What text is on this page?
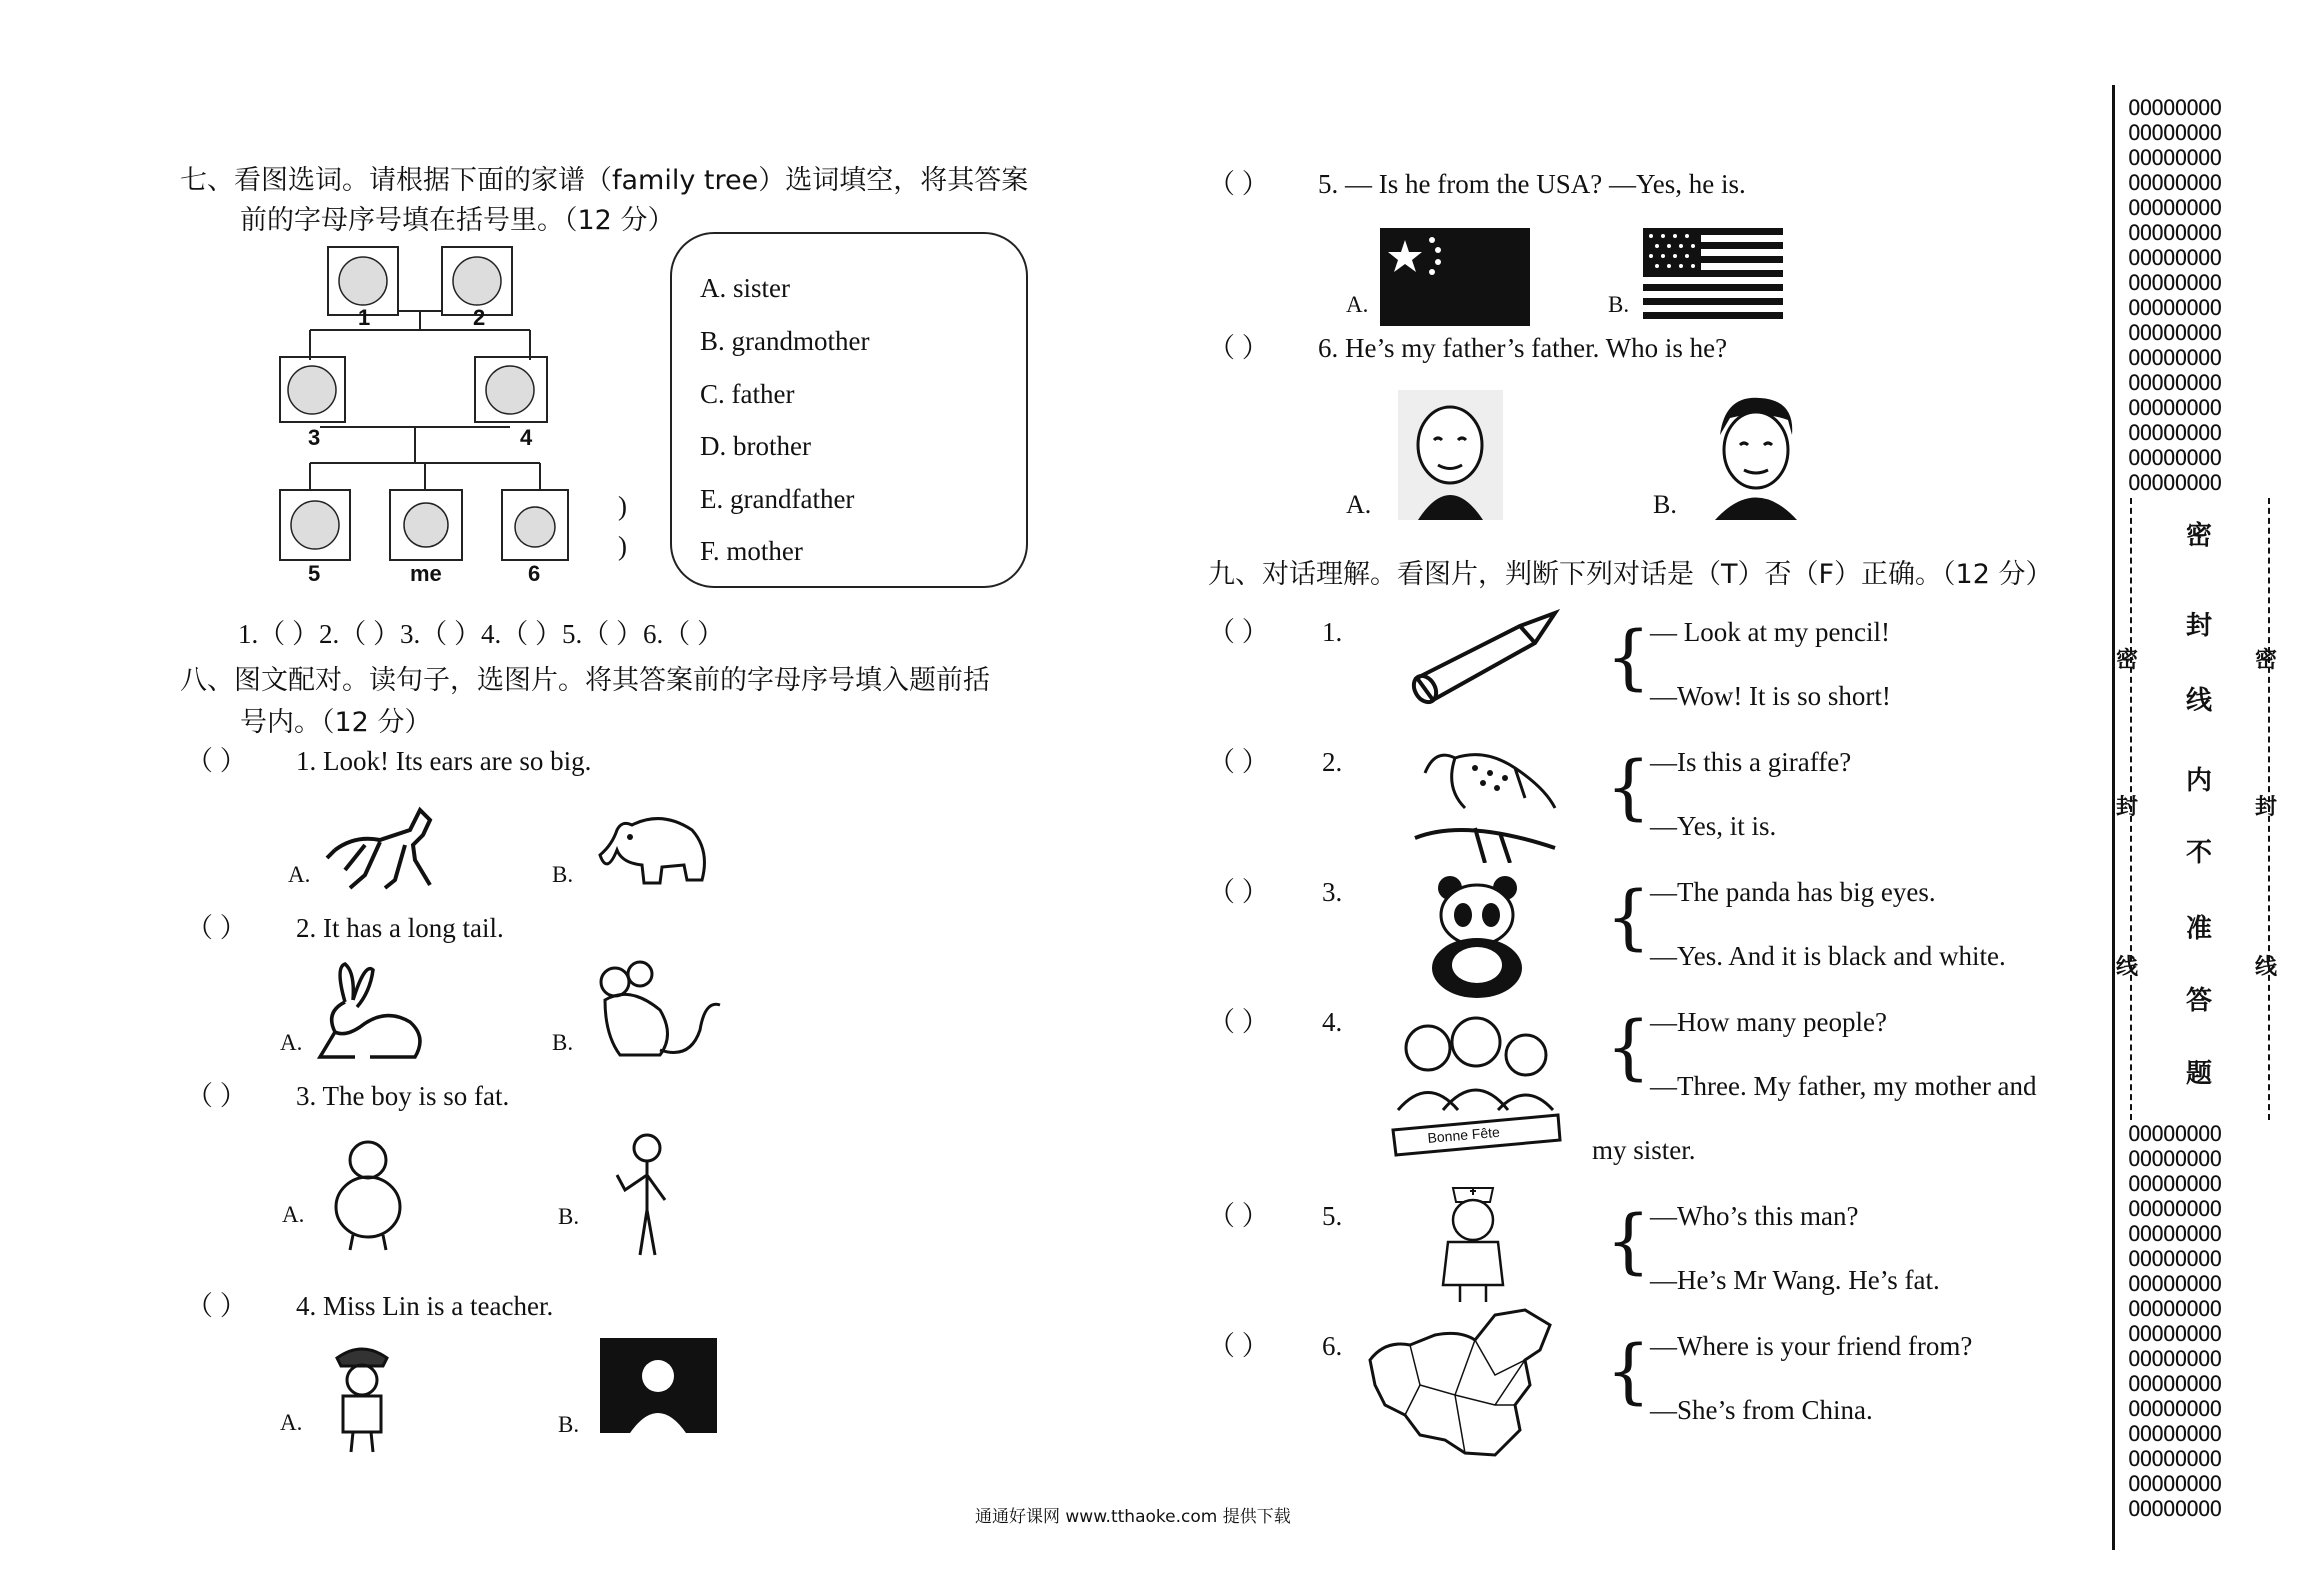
七、看图选词。请根据下面的家谱（family tree）选词填空，将其答案
前的字母序号填在括号里。（12 分）
1	2
3	4
5	me	6
)
)
A. sister
B. grandmother
C. father
D. brother
E. grandfather
F. mother
1.（ ）2.（ ）3.（ ）4.（ ）5.（ ）6.（ ）
八、图文配对。读句子，选图片。将其答案前的字母序号填入题前括
号内。（12 分）
（ ） 1. Look! Its ears are so big.
A.	B.
（ ） 2. It has a long tail.
A.	B.
（ ） 3. The boy is so fat.
A.	B.
（ ） 4. Miss Lin is a teacher.
A.	B.
（ ） 5. — Is he from the USA? —Yes, he is.
A.	B.
（ ） 6. He’s my father’s father. Who is he?
A.	B.
九、对话理解。看图片，判断下列对话是（T）否（F）正确。（12 分）
（ ） 1.	{ — Look at my pencil!
—Wow! It is so short!
（ ） 2.	{ —Is this a giraffe?
—Yes, it is.
（ ） 3.	{ —The panda has big eyes.
—Yes. And it is black and white.
（ ） 4.
Bonne Fête
{ —How many people?
—Three. My father, my mother and
my sister.
（ ） 5.	{ —Who’s this man?
—He’s Mr Wang. He’s fat.
（ ） 6.	{ —Where is your friend from?
—She’s from China.
OOOOOOOO
OOOOOOOO
OOOOOOOO
OOOOOOOO
OOOOOOOO
OOOOOOOO
OOOOOOOO
OOOOOOOO
OOOOOOOO
OOOOOOOO
OOOOOOOO
OOOOOOOO
OOOOOOOO
OOOOOOOO
OOOOOOOO
OOOOOOOO
OOOOOOOO
OOOOOOOO
OOOOOOOO
OOOOOOOO
OOOOOOOO
OOOOOOOO
OOOOOOOO
OOOOOOOO
OOOOOOOO
OOOOOOOO
OOOOOOOO
OOOOOOOO
OOOOOOOO
OOOOOOOO
OOOOOOOO
OOOOOOOO
密
封
线
内
不
准
答
题
密
封
线
密
封
线
通通好课网 www.tthaoke.com 提供下载
